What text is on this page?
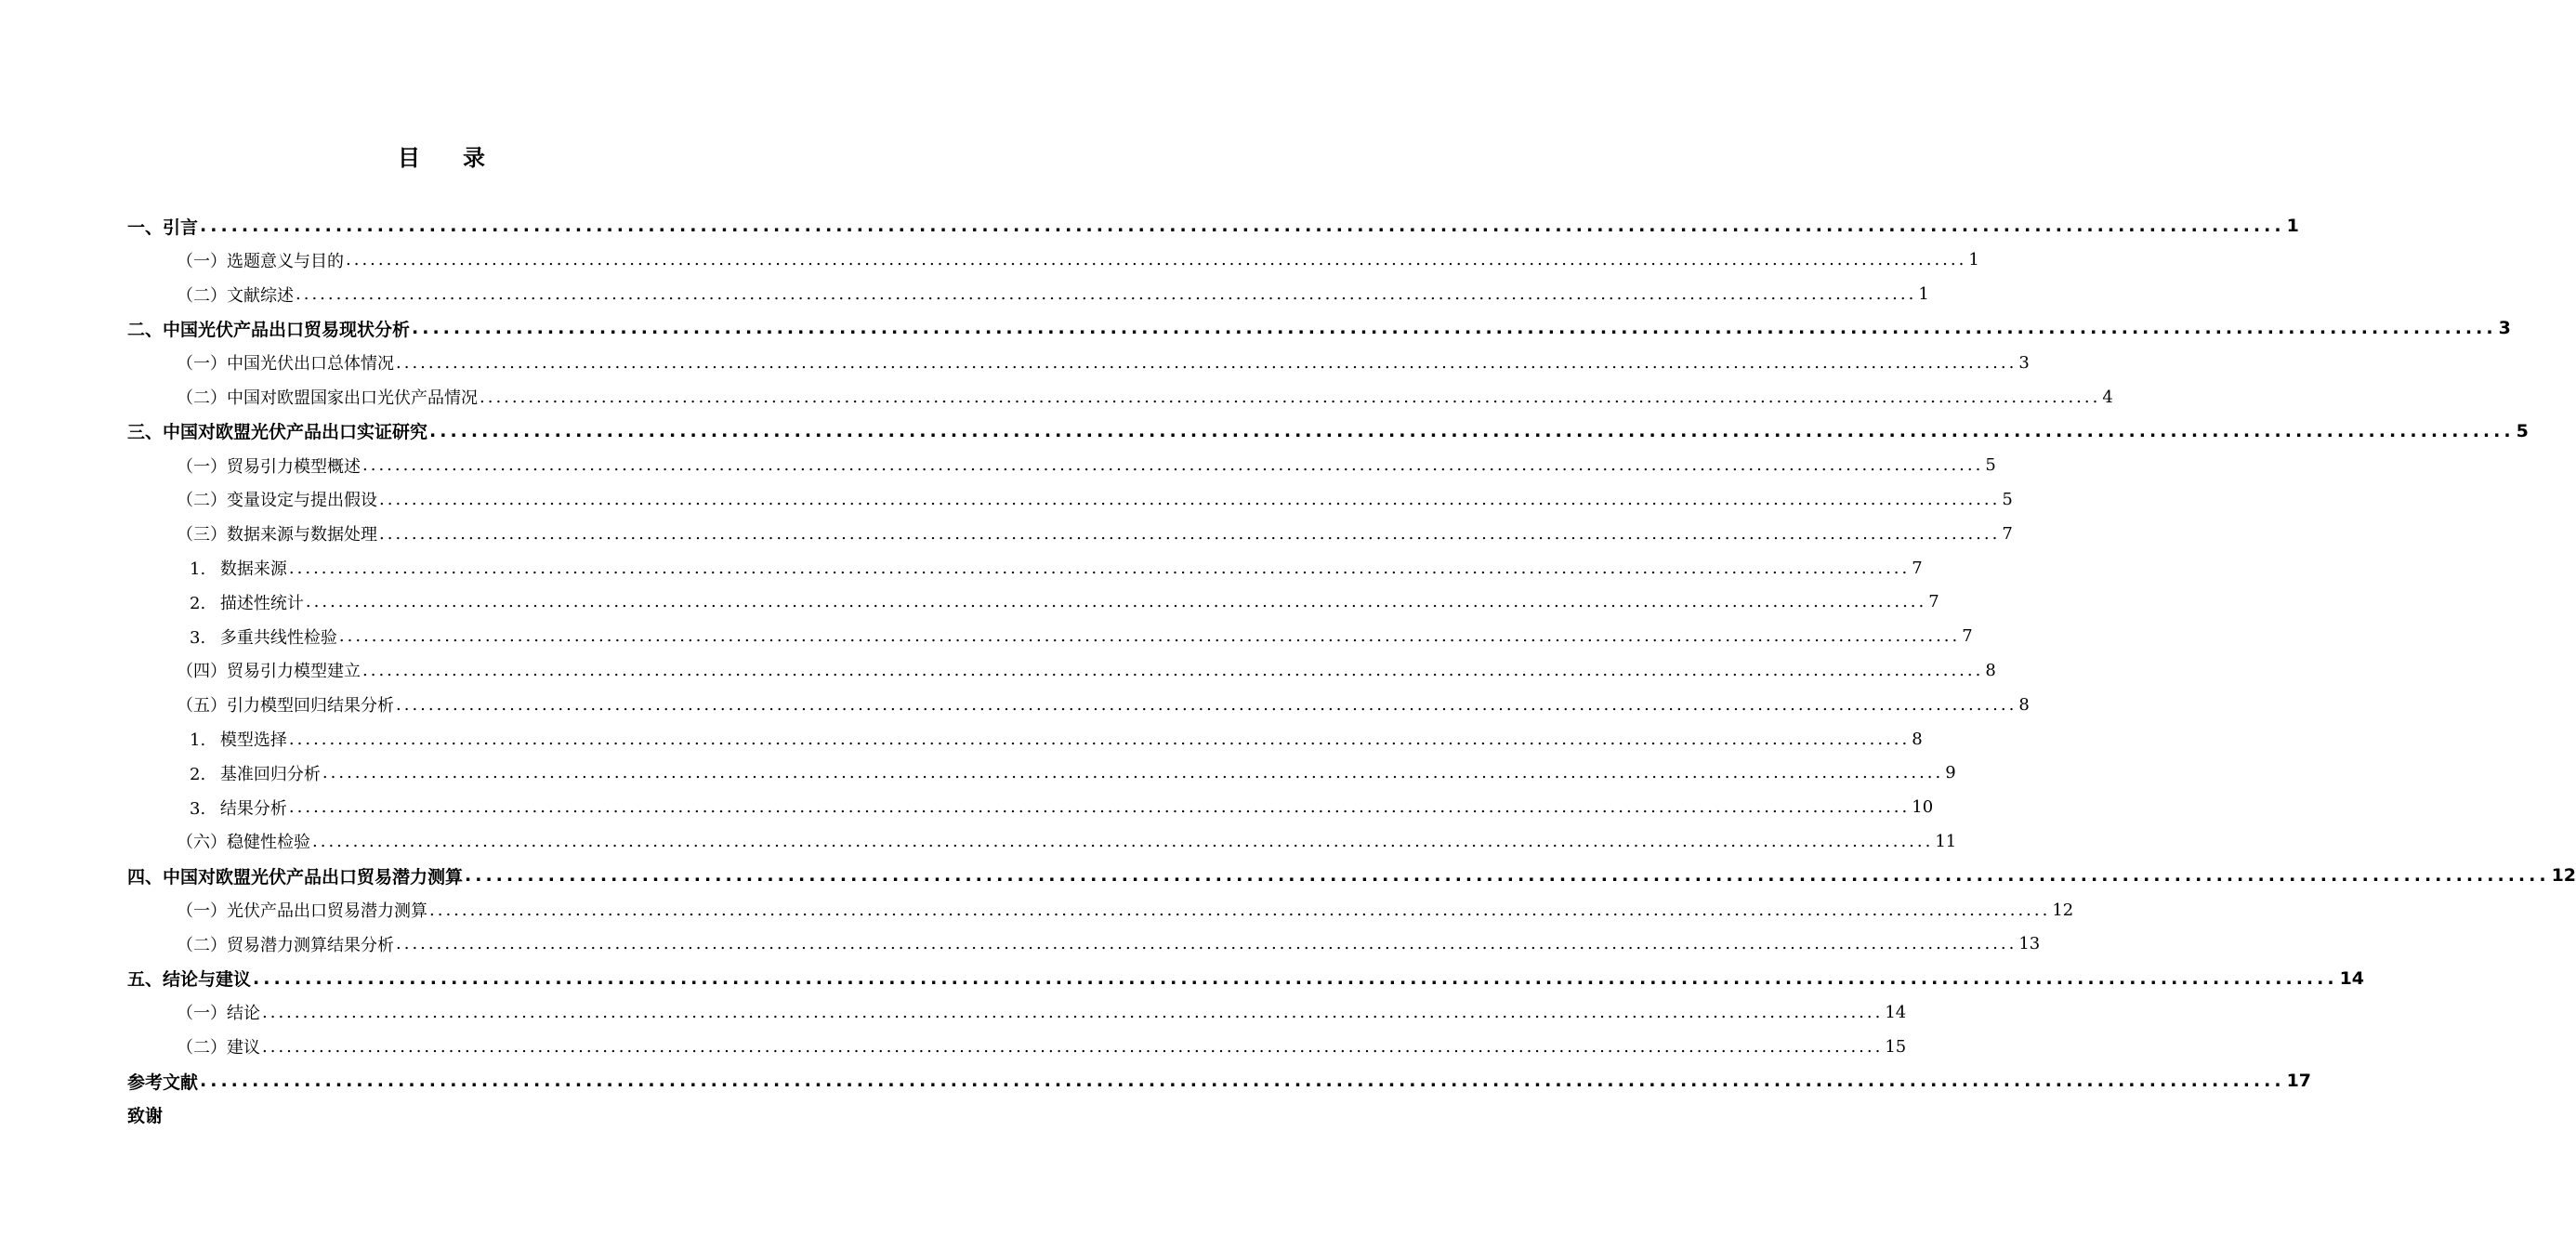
目 录
一、引言 ........................................................................................................................................................................................................ 1
（一）选题意义与目的 ........................................................................................................................................................................................................ 1
（二）文献综述 ........................................................................................................................................................................................................ 1
二、中国光伏产品出口贸易现状分析 ........................................................................................................................................................................................................ 3
（一）中国光伏出口总体情况 ........................................................................................................................................................................................................ 3
（二）中国对欧盟国家出口光伏产品情况 ........................................................................................................................................................................................................ 4
三、中国对欧盟光伏产品出口实证研究 ........................................................................................................................................................................................................ 5
（一）贸易引力模型概述 ........................................................................................................................................................................................................ 5
（二）变量设定与提出假设 ........................................................................................................................................................................................................ 5
（三）数据来源与数据处理 ........................................................................................................................................................................................................ 7
1. 数据来源 ........................................................................................................................................................................................................ 7
2. 描述性统计 ........................................................................................................................................................................................................ 7
3. 多重共线性检验 ........................................................................................................................................................................................................ 7
（四）贸易引力模型建立 ........................................................................................................................................................................................................ 8
（五）引力模型回归结果分析 ........................................................................................................................................................................................................ 8
1. 模型选择 ........................................................................................................................................................................................................ 8
2. 基准回归分析 ........................................................................................................................................................................................................ 9
3. 结果分析 ........................................................................................................................................................................................................ 10
（六）稳健性检验 ........................................................................................................................................................................................................ 11
四、中国对欧盟光伏产品出口贸易潜力测算 ........................................................................................................................................................................................................ 12
（一）光伏产品出口贸易潜力测算 ........................................................................................................................................................................................................ 12
（二）贸易潜力测算结果分析 ........................................................................................................................................................................................................ 13
五、结论与建议 ........................................................................................................................................................................................................ 14
（一）结论 ........................................................................................................................................................................................................ 14
（二）建议 ........................................................................................................................................................................................................ 15
参考文献 ........................................................................................................................................................................................................ 17
致谢
